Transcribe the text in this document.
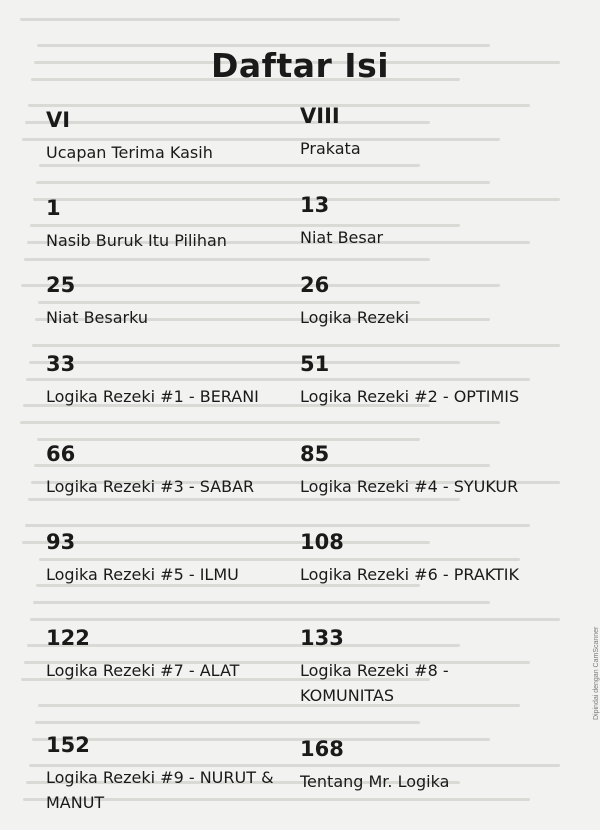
Daftar Isi
VI
Ucapan Terima Kasih
VIII
Prakata
1
Nasib Buruk Itu Pilihan
13
Niat Besar
25
Niat Besarku
26
Logika Rezeki
33
Logika Rezeki #1 - BERANI
51
Logika Rezeki #2 - OPTIMIS
66
Logika Rezeki #3 - SABAR
85
Logika Rezeki #4 - SYUKUR
93
Logika Rezeki #5 - ILMU
108
Logika Rezeki #6 - PRAKTIK
122
Logika Rezeki #7 - ALAT
133
Logika Rezeki #8 - KOMUNITAS
152
Logika Rezeki #9 - NURUT & MANUT
168
Tentang Mr. Logika
Dipindai dengan CamScanner
